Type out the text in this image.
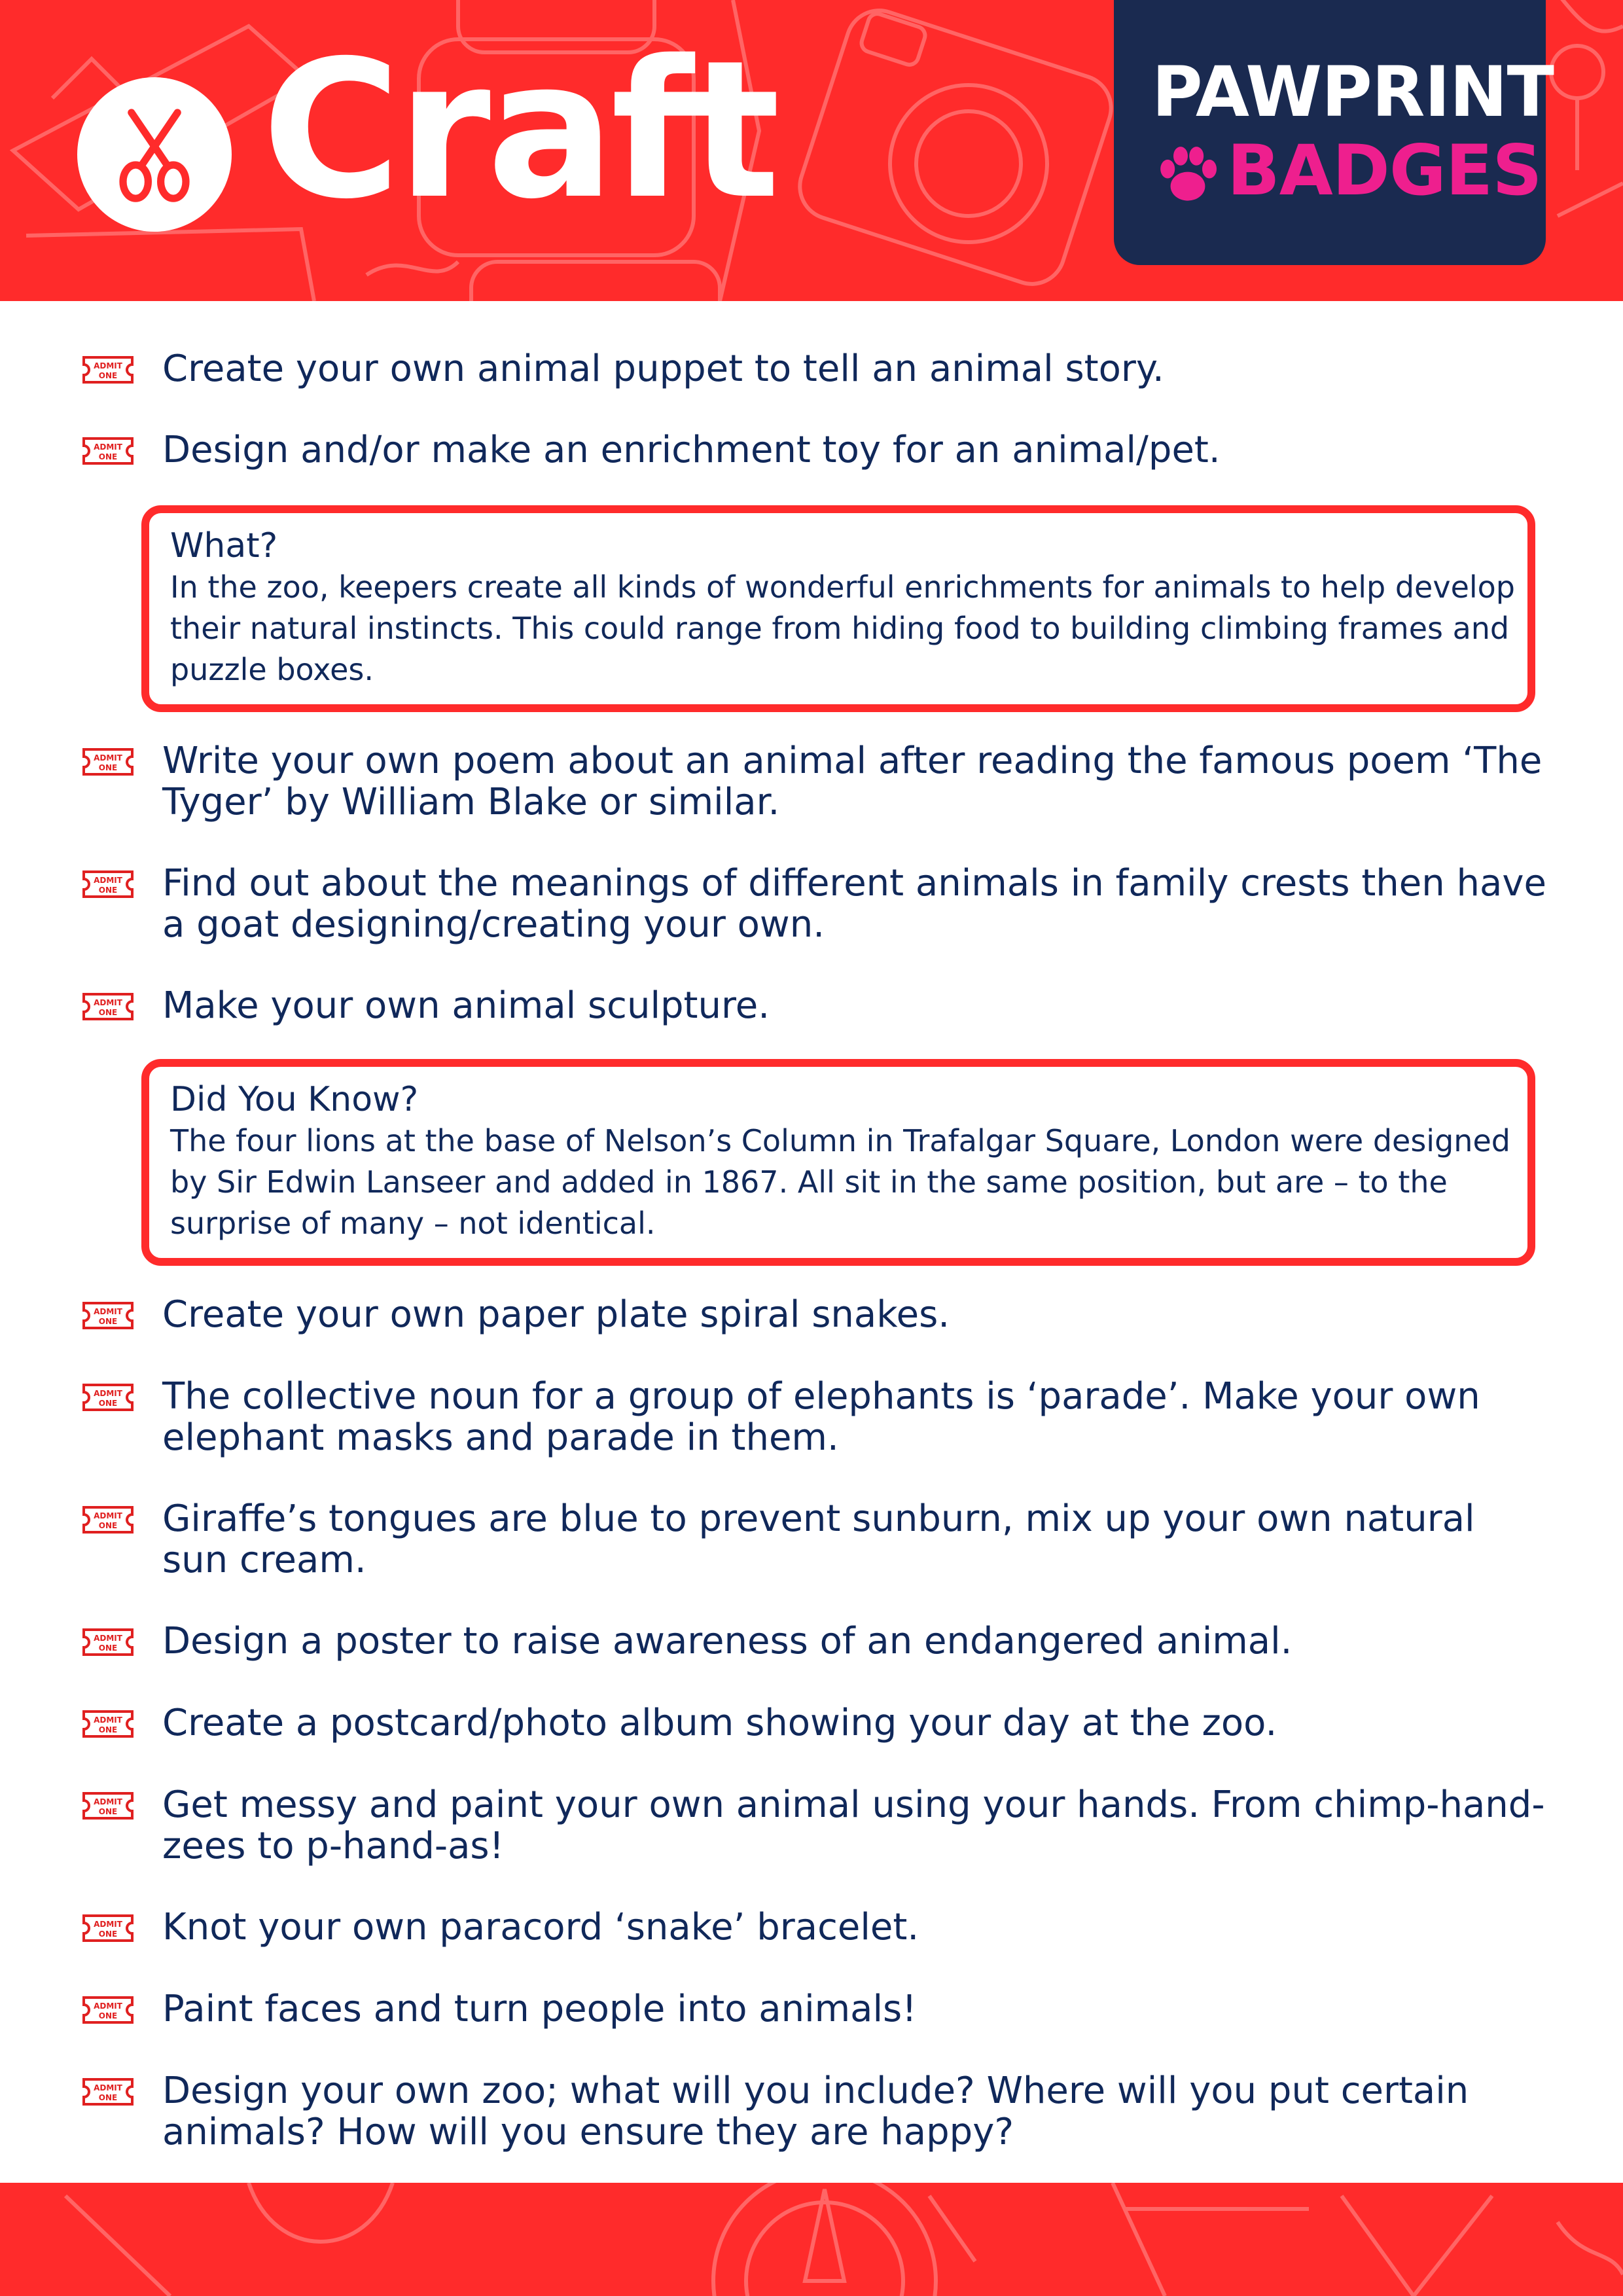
Craft	PAWPRINT
BADGES
ADMIT
ONE Create your own animal puppet to tell an animal story.
ADMIT
ONE Design and/or make an enrichment toy for an animal/pet.
What?
In the zoo, keepers create all kinds of wonderful enrichments for animals to help develop their natural instincts. This could range from hiding food to building climbing frames and puzzle boxes.
ADMIT
ONE Write your own poem about an animal after reading the famous poem ‘The Tyger’ by William Blake or similar.
ADMIT
ONE Find out about the meanings of different animals in family crests then have a goat designing/creating your own.
ADMIT
ONE Make your own animal sculpture.
Did You Know?
The four lions at the base of Nelson’s Column in Trafalgar Square, London were designed by Sir Edwin Lanseer and added in 1867. All sit in the same position, but are – to the surprise of many – not identical.
ADMIT
ONE Create your own paper plate spiral snakes.
ADMIT
ONE The collective noun for a group of elephants is ‘parade’. Make your own elephant masks and parade in them.
ADMIT
ONE Giraffe’s tongues are blue to prevent sunburn, mix up your own natural sun cream.
ADMIT
ONE Design a poster to raise awareness of an endangered animal.
ADMIT
ONE Create a postcard/photo album showing your day at the zoo.
ADMIT
ONE Get messy and paint your own animal using your hands. From chimp-hand-zees to p-hand-as!
ADMIT
ONE Knot your own paracord ‘snake’ bracelet.
ADMIT
ONE Paint faces and turn people into animals!
ADMIT
ONE Design your own zoo; what will you include? Where will you put certain animals? How will you ensure they are happy?
